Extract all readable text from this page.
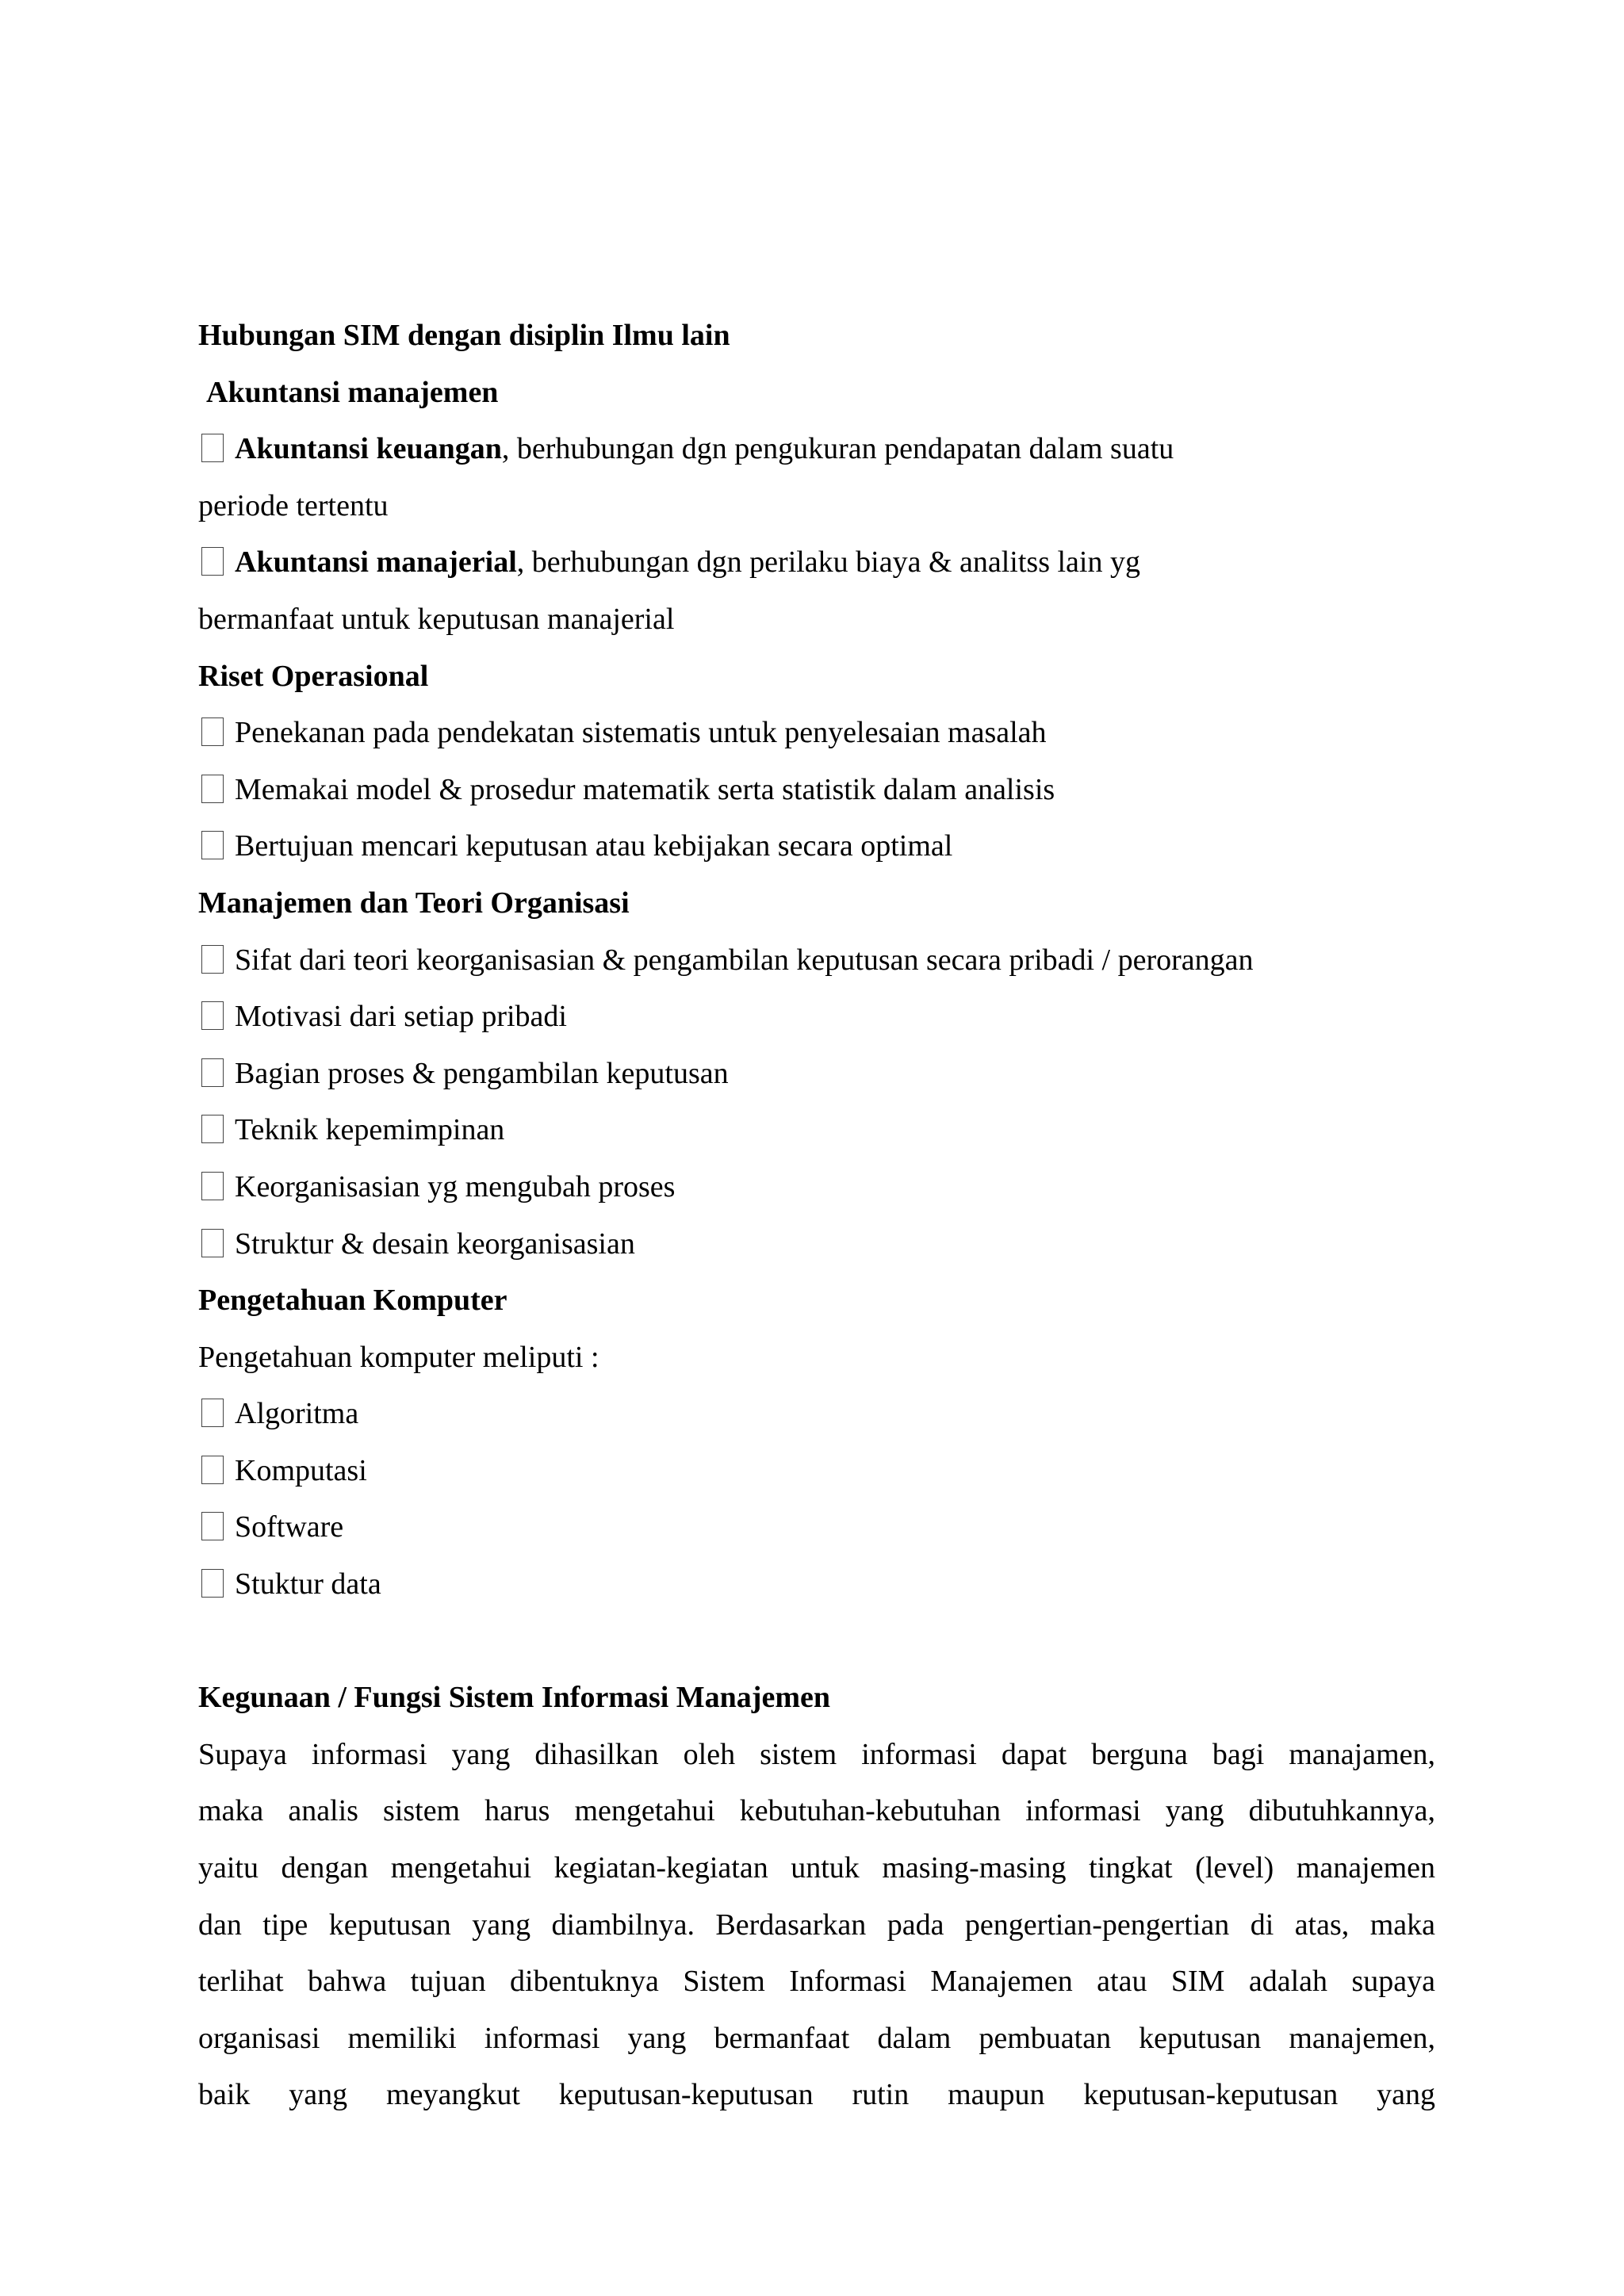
Hubungan SIM dengan disiplin Ilmu lain
Akuntansi manajemen
Akuntansi keuangan, berhubungan dgn pengukuran pendapatan dalam suatu
periode tertentu
Akuntansi manajerial, berhubungan dgn perilaku biaya & analitss lain yg
bermanfaat untuk keputusan manajerial
Riset Operasional
Penekanan pada pendekatan sistematis untuk penyelesaian masalah
Memakai model & prosedur matematik serta statistik dalam analisis
Bertujuan mencari keputusan atau kebijakan secara optimal
Manajemen dan Teori Organisasi
Sifat dari teori keorganisasian & pengambilan keputusan secara pribadi / perorangan
Motivasi dari setiap pribadi
Bagian proses & pengambilan keputusan
Teknik kepemimpinan
Keorganisasian yg mengubah proses
Struktur & desain keorganisasian
Pengetahuan Komputer
Pengetahuan komputer meliputi :
Algoritma
Komputasi
Software
Stuktur data
Kegunaan / Fungsi Sistem Informasi Manajemen

Supaya informasi yang dihasilkan oleh sistem informasi dapat berguna bagi manajamen,

maka analis sistem harus mengetahui kebutuhan-kebutuhan informasi yang dibutuhkannya,

yaitu dengan mengetahui kegiatan-kegiatan untuk masing-masing tingkat (level) manajemen

dan tipe keputusan yang diambilnya. Berdasarkan pada pengertian-pengertian di atas, maka

terlihat bahwa tujuan dibentuknya Sistem Informasi Manajemen atau SIM adalah supaya

organisasi memiliki informasi yang bermanfaat dalam pembuatan keputusan manajemen,

baik yang meyangkut keputusan-keputusan rutin maupun keputusan-keputusan yang
